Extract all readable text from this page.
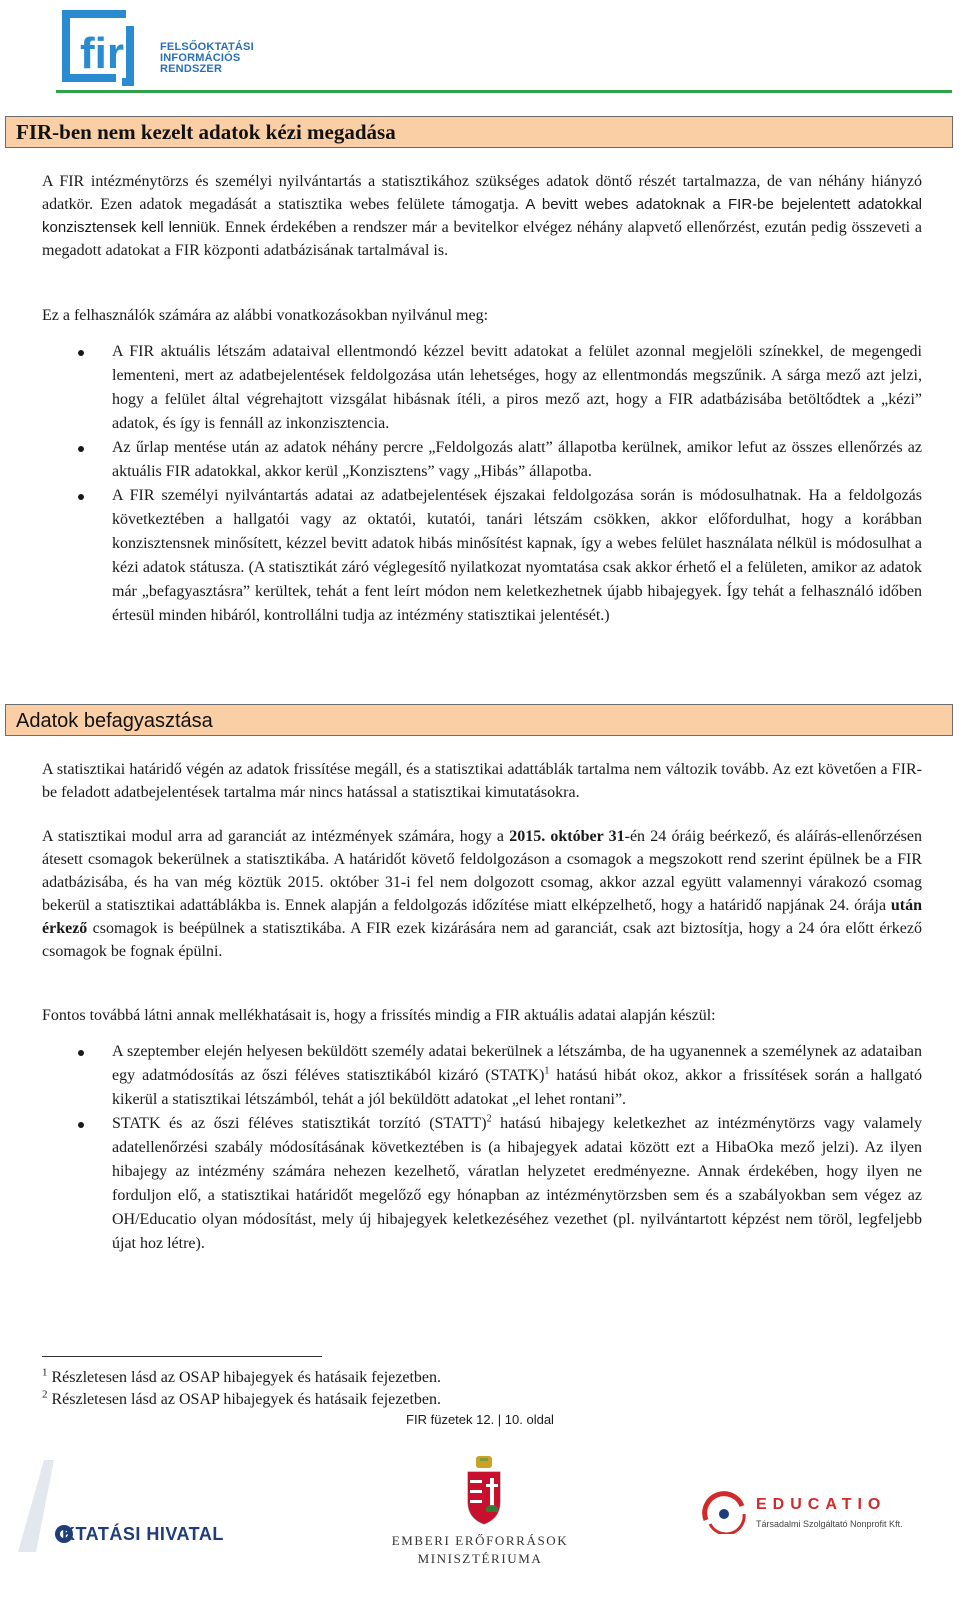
fir	FELSŐOKTATÁSI
INFORMÁCIÓS
RENDSZER
FIR-ben nem kezelt adatok kézi megadása

A FIR intézménytörzs és személyi nyilvántartás a statisztikához szükséges adatok döntő részét tartalmazza, de van néhány hiányzó adatkör. Ezen adatok megadását a statisztika webes felülete támogatja. A bevitt webes adatoknak a FIR-be bejelentett adatokkal konzisztensek kell lenniük. Ennek érdekében a rendszer már a bevitelkor elvégez néhány alapvető ellenőrzést, ezután pedig összeveti a megadott adatokat a FIR központi adatbázisának tartalmával is.

Ez a felhasználók számára az alábbi vonatkozásokban nyilvánul meg:

A FIR aktuális létszám adataival ellentmondó kézzel bevitt adatokat a felület azonnal megjelöli színekkel, de megengedi lementeni, mert az adatbejelentések feldolgozása után lehetséges, hogy az ellentmondás megszűnik. A sárga mező azt jelzi, hogy a felület által végrehajtott vizsgálat hibásnak ítéli, a piros mező azt, hogy a FIR adatbázisába betöltődtek a „kézi” adatok, és így is fennáll az inkonzisztencia.
Az űrlap mentése után az adatok néhány percre „Feldolgozás alatt” állapotba kerülnek, amikor lefut az összes ellenőrzés az aktuális FIR adatokkal, akkor kerül „Konzisztens” vagy „Hibás” állapotba.
A FIR személyi nyilvántartás adatai az adatbejelentések éjszakai feldolgozása során is módosulhatnak. Ha a feldolgozás következtében a hallgatói vagy az oktatói, kutatói, tanári létszám csökken, akkor előfordulhat, hogy a korábban konzisztensnek minősített, kézzel bevitt adatok hibás minősítést kapnak, így a webes felület használata nélkül is módosulhat a kézi adatok státusza. (A statisztikát záró véglegesítő nyilatkozat nyomtatása csak akkor érhető el a felületen, amikor az adatok már „befagyasztásra” kerültek, tehát a fent leírt módon nem keletkezhetnek újabb hibajegyek. Így tehát a felhasználó időben értesül minden hibáról, kontrollálni tudja az intézmény statisztikai jelentését.)
Adatok befagyasztása

A statisztikai határidő végén az adatok frissítése megáll, és a statisztikai adattáblák tartalma nem változik tovább. Az ezt követően a FIR-be feladott adatbejelentések tartalma már nincs hatással a statisztikai kimutatásokra.

A statisztikai modul arra ad garanciát az intézmények számára, hogy a 2015. október 31-én 24 óráig beérkező, és aláírás-ellenőrzésen átesett csomagok bekerülnek a statisztikába. A határidőt követő feldolgozáson a csomagok a megszokott rend szerint épülnek be a FIR adatbázisába, és ha van még köztük 2015. október 31-i fel nem dolgozott csomag, akkor azzal együtt valamennyi várakozó csomag bekerül a statisztikai adattáblákba is. Ennek alapján a feldolgozás időzítése miatt elképzelhető, hogy a határidő napjának 24. órája után érkező csomagok is beépülnek a statisztikába. A FIR ezek kizárására nem ad garanciát, csak azt biztosítja, hogy a 24 óra előtt érkező csomagok be fognak épülni.

Fontos továbbá látni annak mellékhatásait is, hogy a frissítés mindig a FIR aktuális adatai alapján készül:

A szeptember elején helyesen beküldött személy adatai bekerülnek a létszámba, de ha ugyanennek a személynek az adataiban egy adatmódosítás az őszi féléves statisztikából kizáró (STATK)$^1$ hatású hibát okoz, akkor a frissítések során a hallgató kikerül a statisztikai létszámból, tehát a jól beküldött adatokat „el lehet rontani”.
STATK és az őszi féléves statisztikát torzító (STATT)$^2$ hatású hibajegy keletkezhet az intézménytörzs vagy valamely adatellenőrzési szabály módosításának következtében is (a hibajegyek adatai között ezt a HibaOka mező jelzi). Az ilyen hibajegy az intézmény számára nehezen kezelhető, váratlan helyzetet eredményezne. Annak érdekében, hogy ilyen ne forduljon elő, a statisztikai határidőt megelőző egy hónapban az intézménytörzsben sem és a szabályokban sem végez az OH/Educatio olyan módosítást, mely új hibajegyek keletkezéséhez vezethet (pl. nyilvántartott képzést nem töröl, legfeljebb újat hoz létre).
$^1$ Részletesen lásd az OSAP hibajegyek és hatásaik fejezetben.
$^2$ Részletesen lásd az OSAP hibajegyek és hatásaik fejezetben.
FIR füzetek 12. | 10. oldal
KTATÁSI HIVATAL	EMBERI ERŐFORRÁSOK
MINISZTÉRIUMA
EDUCATIO
Társadalmi Szolgáltató Nonprofit Kft.
